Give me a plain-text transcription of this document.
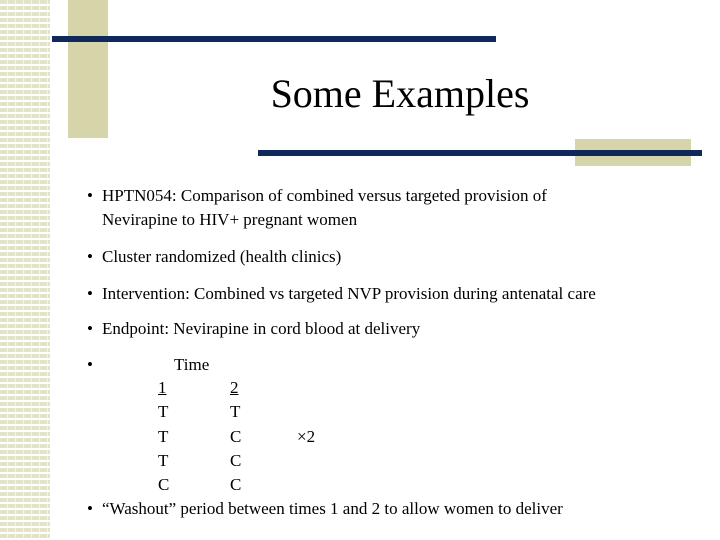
Some Examples
• HPTN054: Comparison of combined versus targeted provision of
Nevirapine to HIV+ pregnant women
• Cluster randomized (health clinics)
• Intervention: Combined vs targeted NVP provision during antenatal care
• Endpoint: Nevirapine in cord blood at delivery
•	Time
1	2
T	T
T	C	×2
T	C
C	C
• “Washout” period between times 1 and 2 to allow women to deliver
